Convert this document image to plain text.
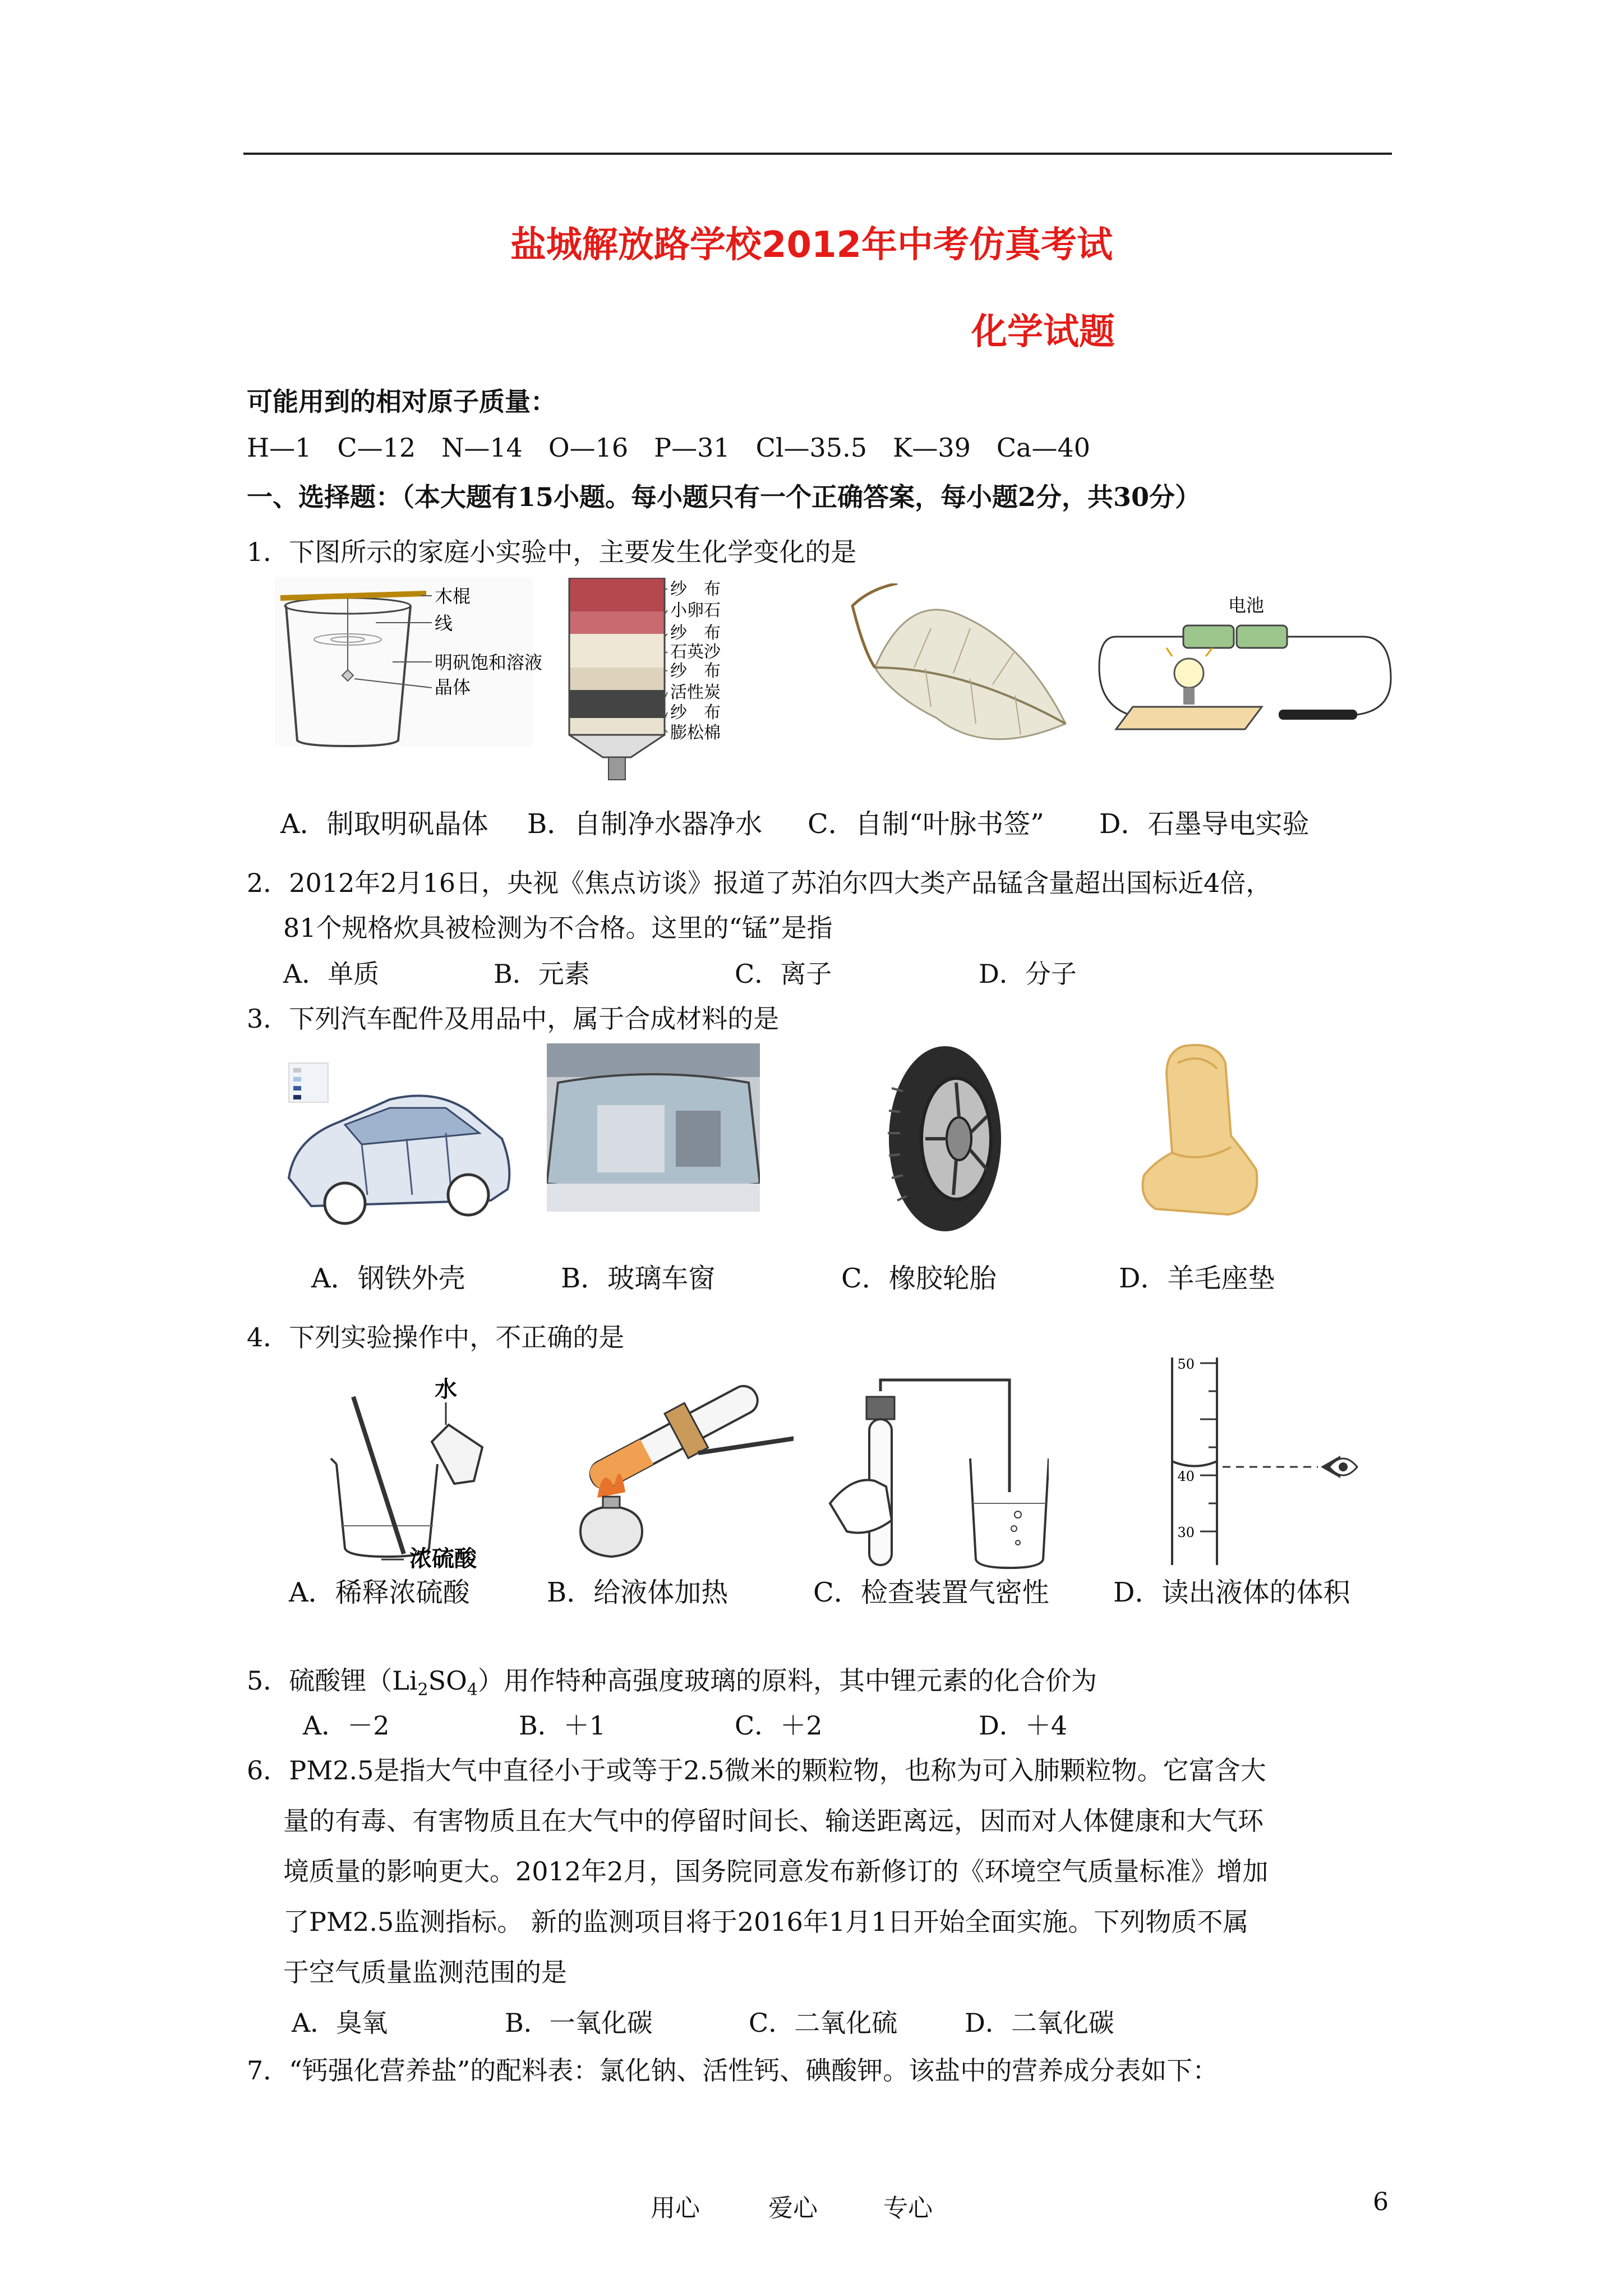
盐城解放路学校2012年中考仿真考试
化学试题
可能用到的相对原子质量：
H—1　C—12　N—14　O—16　P—31　Cl—35.5　K—39　Ca—40
一、选择题：（本大题有15小题。每小题只有一个正确答案，每小题2分，共30分）
1．下图所示的家庭小实验中，主要发生化学变化的是
木棍
线
明矾饱和溶液
晶体
纱　布
小卵石
纱　布
石英沙
纱　布
活性炭
纱　布
膨松棉
电池
A．制取明矾晶体 B．自制净水器净水 C．自制“叶脉书签” D．石墨导电实验
2．2012年2月16日，央视《焦点访谈》报道了苏泊尔四大类产品锰含量超出国标近4倍，
81个规格炊具被检测为不合格。这里的“锰”是指
A．单质	B．元素	C．离子	D．分子
3．下列汽车配件及用品中，属于合成材料的是
A．钢铁外壳	B．玻璃车窗	C．橡胶轮胎	D．羊毛座垫
4．下列实验操作中，不正确的是
水
浓硫酸
50
40
30
A．稀释浓硫酸	B．给液体加热	C．检查装置气密性 D．读出液体的体积
5．硫酸锂$(Li_2SO_4)$用作特种高强度玻璃的原料，其中锂元素的化合价为
A．－2	B．＋1	C．＋2	D．＋4
6．PM2.5是指大气中直径小于或等于2.5微米的颗粒物，也称为可入肺颗粒物。它富含大
量的有毒、有害物质且在大气中的停留时间长、输送距离远，因而对人体健康和大气环
境质量的影响更大。2012年2月，国务院同意发布新修订的《环境空气质量标准》增加
了PM2.5监测指标。 新的监测项目将于2016年1月1日开始全面实施。下列物质不属
于空气质量监测范围的是
A．臭氧	B．一氧化碳	C．二氧化硫	D．二氧化碳
7．“钙强化营养盐”的配料表：氯化钠、活性钙、碘酸钾。该盐中的营养成分表如下：
用心	爱心	专心	6
